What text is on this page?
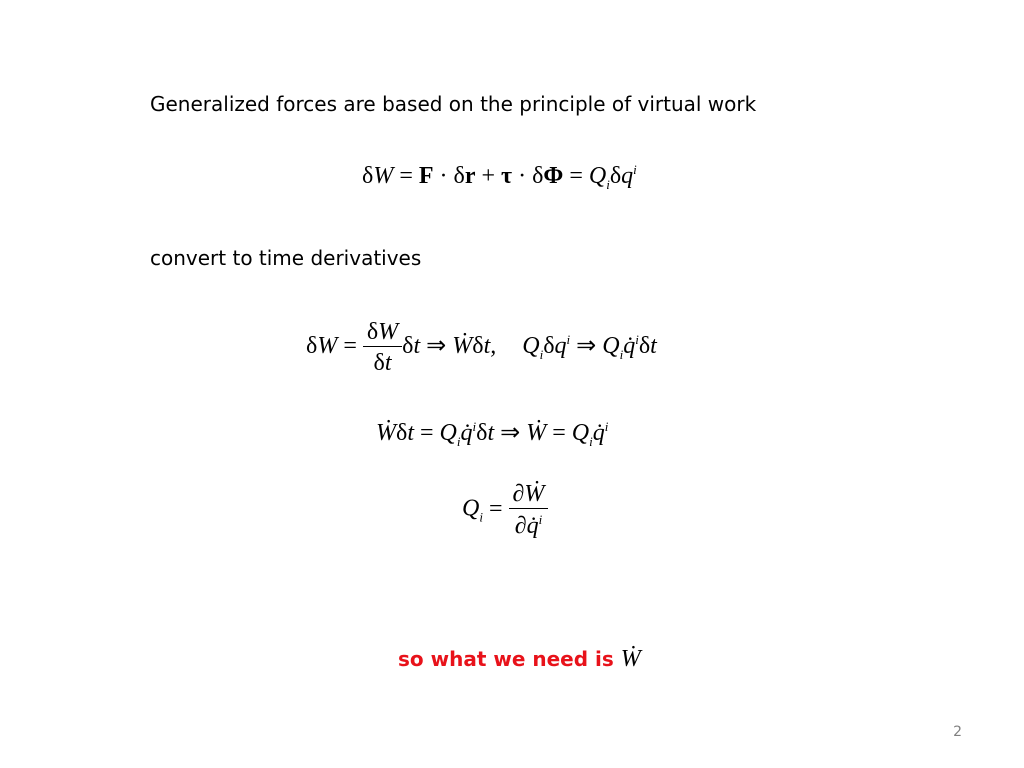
Generalized forces are based on the principle of virtual work
$\delta W = F \cdot \delta r + \tau \cdot \delta\Phi = Q_i\delta q^i$
convert to time derivatives
$\delta W = \frac{\delta W}{\delta t}$ δt ⇒ Ẇδt, $Q_i\delta q^i$ ⇒ $Q_iq̇^i\delta t$
Ẇδt = $Q_iq̇^i\delta t$ ⇒ Ẇ = $Q_iq̇^i$
$Q_i = \frac{\text{∂Ẇ}}{\partial q̇^i}$
so what we need is Ẇ
2
